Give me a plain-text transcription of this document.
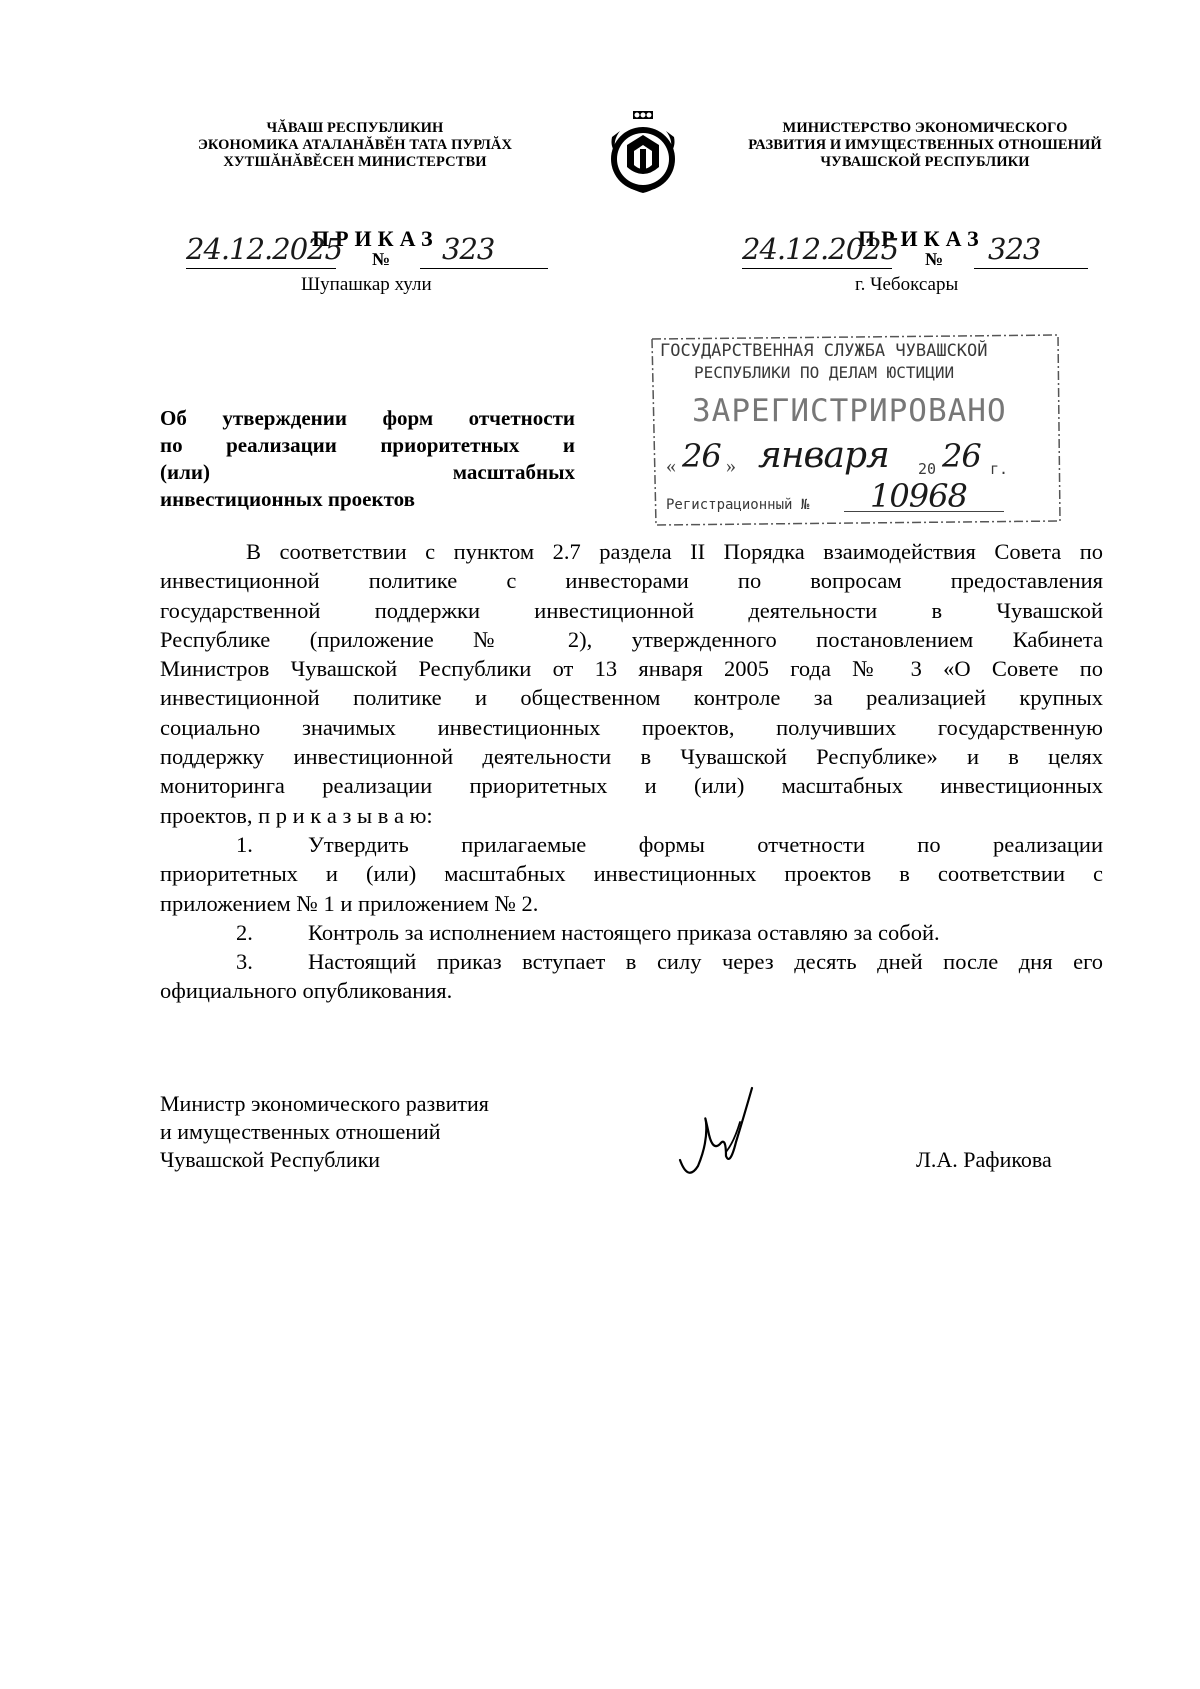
ЧĂВАШ РЕСПУБЛИКИН
ЭКОНОМИКА АТАЛАНĂВĔН ТАТА ПУРЛĂХ
ХУТШĂНĂВĔСЕН МИНИСТЕРСТВИ
МИНИСТЕРСТВО ЭКОНОМИЧЕСКОГО
РАЗВИТИЯ И ИМУЩЕСТВЕННЫХ ОТНОШЕНИЙ
ЧУВАШСКОЙ РЕСПУБЛИКИ
ПРИКАЗ
24.12.2025 №	323
Шупашкар хули
ПРИКАЗ
24.12.2025 №	323
г. Чебоксары
ГОСУДАРСТВЕННАЯ СЛУЖБА ЧУВАШСКОЙ
РЕСПУБЛИКИ ПО ДЕЛАМ ЮСТИЦИИ
ЗАРЕГИСТРИРОВАНО
« 26 » января 20 26 г.
Регистрационный № 10968
Об утверждении форм отчетности
по реализации приоритетных и
(или) масштабных
инвестиционных проектов
В соответствии с пунктом 2.7 раздела II Порядка взаимодействия Совета по
инвестиционной политике с инвесторами по вопросам предоставления
государственной поддержки инвестиционной деятельности в Чувашской
Республике (приложение № 2), утвержденного постановлением Кабинета
Министров Чувашской Республики от 13 января 2005 года № 3 «О Совете по
инвестиционной политике и общественном контроле за реализацией крупных
социально значимых инвестиционных проектов, получивших государственную
поддержку инвестиционной деятельности в Чувашской Республике» и в целях
мониторинга реализации приоритетных и (или) масштабных инвестиционных
проектов, п р и к а з ы в а ю:
1.	Утвердить прилагаемые формы отчетности по реализации
приоритетных и (или) масштабных инвестиционных проектов в соответствии с
приложением № 1 и приложением № 2.
2.	Контроль за исполнением настоящего приказа оставляю за собой.
3.	Настоящий приказ вступает в силу через десять дней после дня его
официального опубликования.
Министр экономического развития
и имущественных отношений
Чувашской Республики	Л.А. Рафикова
